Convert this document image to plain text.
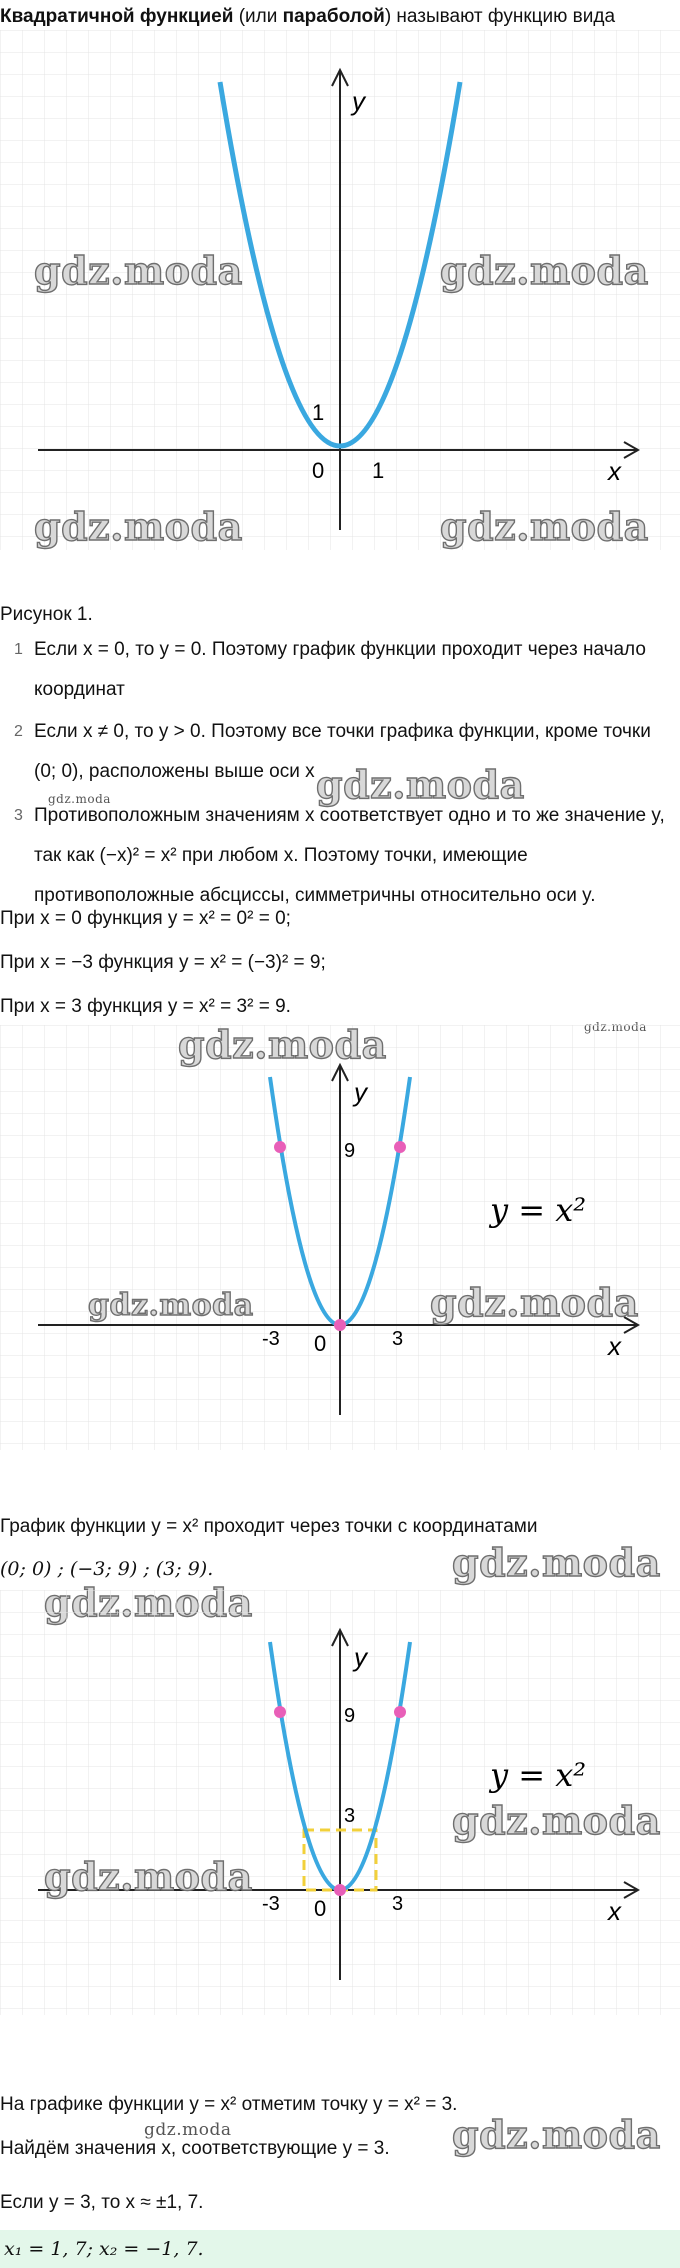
Квадратичной функцией (или параболой) называют функцию вида
y
x
1
1
0
gdz.moda	gdz.moda
gdz.moda	gdz.moda
Рисунок 1.
1 Если x = 0, то y = 0. Поэтому график функции проходит через начало
координат
2 Если x ≠ 0, то y > 0. Поэтому все точки графика функции, кроме точки
(0; 0), расположены выше оси x gdz.moda
gdz.moda
3 Противоположным значениям x соответствует одно и то же значение y,
так как (−x)² = x² при любом x. Поэтому точки, имеющие
противоположные абсциссы, симметричны относительно оси y.
При x = 0 функция y = x² = 0² = 0;
При x = −3 функция y = x² = (−3)² = 9;
При x = 3 функция y = x² = 3² = 9.
y
x
9
-3	3
0
y = x²
gdz.moda
gdz.moda	gdz.moda
График функции y = x² проходит через точки с координатами
(0; 0) ; (−3; 9) ; (3; 9).	gdz.moda
y
x
9
3
-3	3
0
y = x²
gdz.moda
gdz.moda
На графике функции y = x² отметим точку y = x² = 3.
gdz.moda	gdz.moda
Найдём значения x, соответствующие y = 3.
Если y = 3, то x ≈ ±1, 7.
x₁ = 1, 7; x₂ = −1, 7.
